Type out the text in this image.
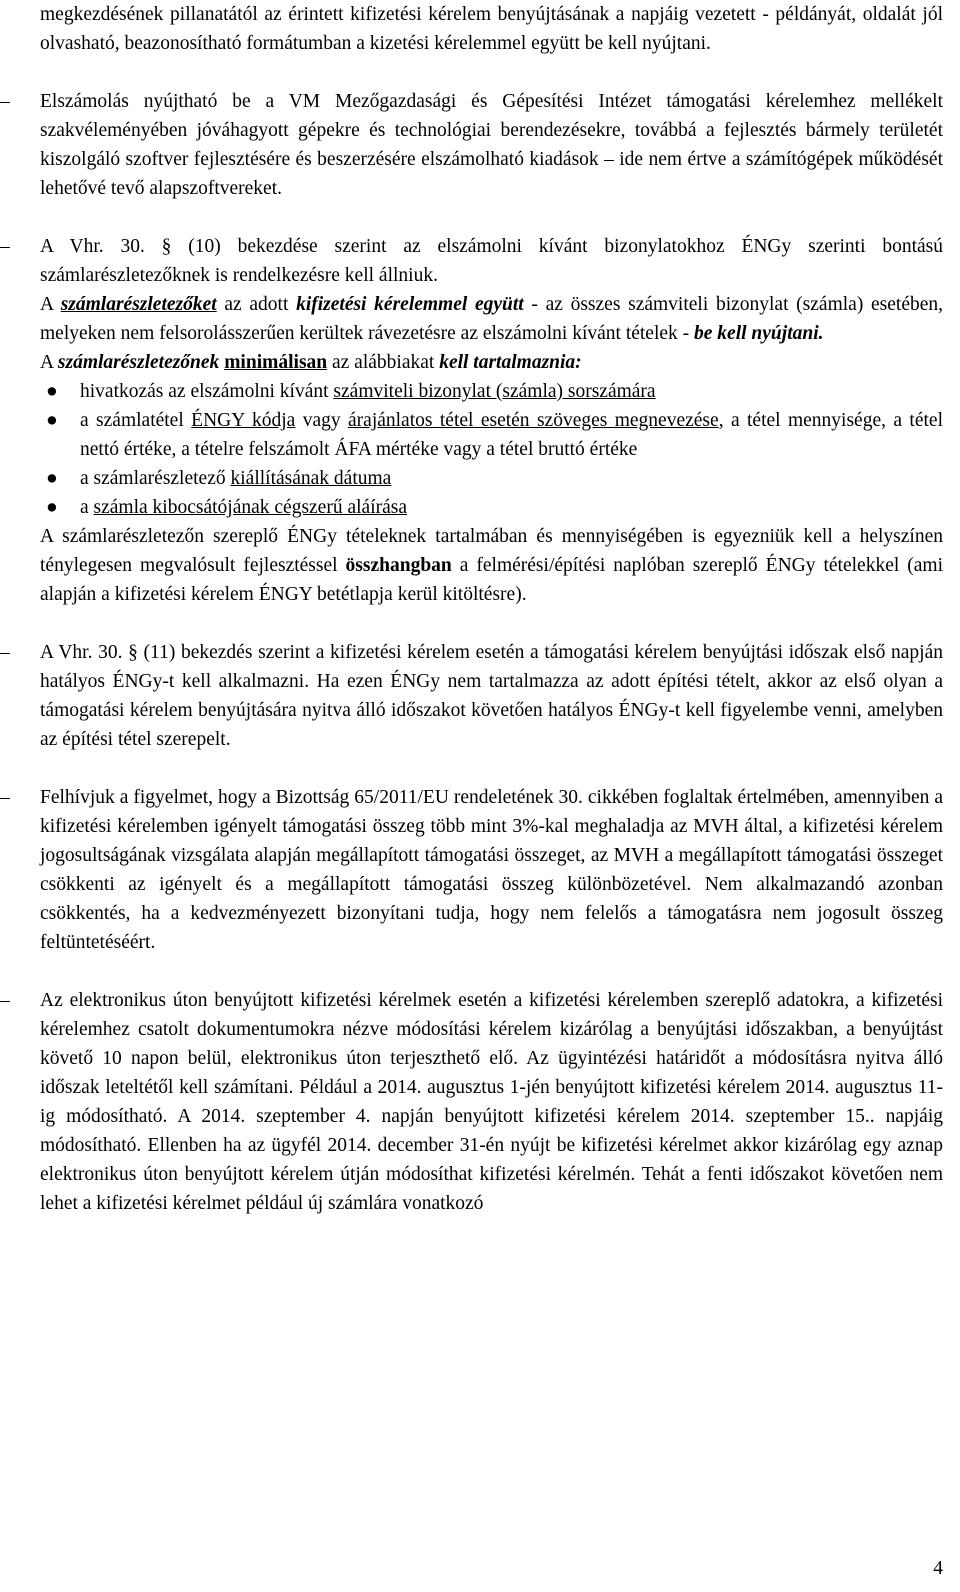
megkezdésének pillanatától az érintett kifizetési kérelem benyújtásának a napjáig vezetett - példányát, oldalát jól olvasható, beazonosítható formátumban a kizetési kérelemmel együtt be kell nyújtani.

–	Elszámolás nyújtható be a VM Mezőgazdasági és Gépesítési Intézet támogatási kérelemhez mellékelt szakvéleményében jóváhagyott gépekre és technológiai berendezésekre, továbbá a fejlesztés bármely területét kiszolgáló szoftver fejlesztésére és beszerzésére elszámolható kiadások – ide nem értve a számítógépek működését lehetővé tevő alapszoftvereket.
–	A Vhr. 30. § (10) bekezdése szerint az elszámolni kívánt bizonylatokhoz ÉNGy szerinti bontású számlarészletezőknek is rendelkezésre kell állniuk.

A számlarészletezőket az adott kifizetési kérelemmel együtt - az összes számviteli bizonylat (számla) esetében, melyeken nem felsorolásszerűen kerültek rávezetésre az elszámolni kívánt tételek - be kell nyújtani.

A számlarészletezőnek minimálisan az alábbiakat kell tartalmaznia:

● hivatkozás az elszámolni kívánt számviteli bizonylat (számla) sorszámára
● a számlatétel ÉNGY kódja vagy árajánlatos tétel esetén szöveges megnevezése, a tétel mennyisége, a tétel nettó értéke, a tételre felszámolt ÁFA mértéke vagy a tétel bruttó értéke
● a számlarészletező kiállításának dátuma
● a számla kibocsátójának cégszerű aláírása

A számlarészletezőn szereplő ÉNGy tételeknek tartalmában és mennyiségében is egyezniük kell a helyszínen ténylegesen megvalósult fejlesztéssel összhangban a felmérési/építési naplóban szereplő ÉNGy tételekkel (ami alapján a kifizetési kérelem ÉNGY betétlapja kerül kitöltésre).

–	A Vhr. 30. § (11) bekezdés szerint a kifizetési kérelem esetén a támogatási kérelem benyújtási időszak első napján hatályos ÉNGy-t kell alkalmazni. Ha ezen ÉNGy nem tartalmazza az adott építési tételt, akkor az első olyan a támogatási kérelem benyújtására nyitva álló időszakot követően hatályos ÉNGy-t kell figyelembe venni, amelyben az építési tétel szerepelt.
–	Felhívjuk a figyelmet, hogy a Bizottság 65/2011/EU rendeletének 30. cikkében foglaltak értelmében, amennyiben a kifizetési kérelemben igényelt támogatási összeg több mint 3%-kal meghaladja az MVH által, a kifizetési kérelem jogosultságának vizsgálata alapján megállapított támogatási összeget, az MVH a megállapított támogatási összeget csökkenti az igényelt és a megállapított támogatási összeg különbözetével. Nem alkalmazandó azonban csökkentés, ha a kedvezményezett bizonyítani tudja, hogy nem felelős a támogatásra nem jogosult összeg feltüntetéséért.
–	Az elektronikus úton benyújtott kifizetési kérelmek esetén a kifizetési kérelemben szereplő adatokra, a kifizetési kérelemhez csatolt dokumentumokra nézve módosítási kérelem kizárólag a benyújtási időszakban, a benyújtást követő 10 napon belül, elektronikus úton terjeszthető elő. Az ügyintézési határidőt a módosításra nyitva álló időszak leteltétől kell számítani. Például a 2014. augusztus 1-jén benyújtott kifizetési kérelem 2014. augusztus 11-ig módosítható. A 2014. szeptember 4. napján benyújtott kifizetési kérelem 2014. szeptember 15.. napjáig módosítható. Ellenben ha az ügyfél 2014. december 31-én nyújt be kifizetési kérelmet akkor kizárólag egy aznap elektronikus úton benyújtott kérelem útján módosíthat kifizetési kérelmén. Tehát a fenti időszakot követően nem lehet a kifizetési kérelmet például új számlára vonatkozó
4
